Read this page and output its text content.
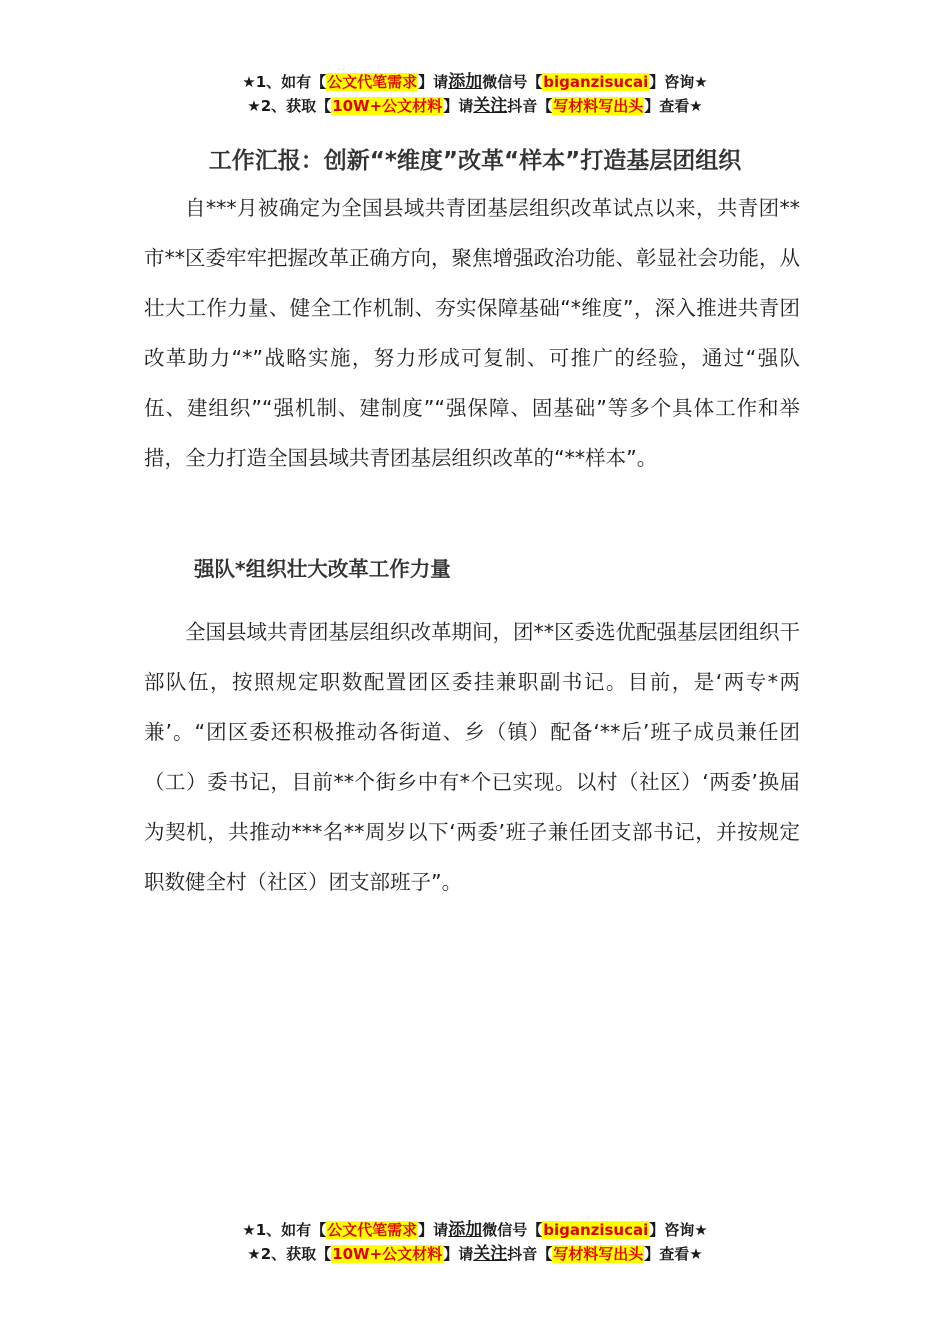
★1、如有【公文代笔需求】请添加微信号【biganzisucai】咨询★
★2、获取【10W+公文材料】请关注抖音【写材料写出头】查看★
工作汇报：创新“*维度”改革“样本”打造基层团组织

自***月被确定为全国县域共青团基层组织改革试点以来，共青团**市**区委牢牢把握改革正确方向，聚焦增强政治功能、彰显社会功能，从壮大工作力量、健全工作机制、夯实保障基础“*维度”，深入推进共青团改革助力“*”战略实施，努力形成可复制、可推广的经验，通过“强队伍、建组织”“强机制、建制度”“强保障、固基础”等多个具体工作和举措，全力打造全国县域共青团基层组织改革的“**样本”。

强队*组织壮大改革工作力量

全国县域共青团基层组织改革期间，团**区委选优配强基层团组织干部队伍，按照规定职数配置团区委挂兼职副书记。目前，是‘两专*两兼’。“团区委还积极推动各街道、乡（镇）配备‘**后’班子成员兼任团（工）委书记，目前**个街乡中有*个已实现。以村（社区）‘两委’换届为契机，共推动***名**周岁以下‘两委’班子兼任团支部书记，并按规定职数健全村（社区）团支部班子”。

★1、如有【公文代笔需求】请添加微信号【biganzisucai】咨询★
★2、获取【10W+公文材料】请关注抖音【写材料写出头】查看★
